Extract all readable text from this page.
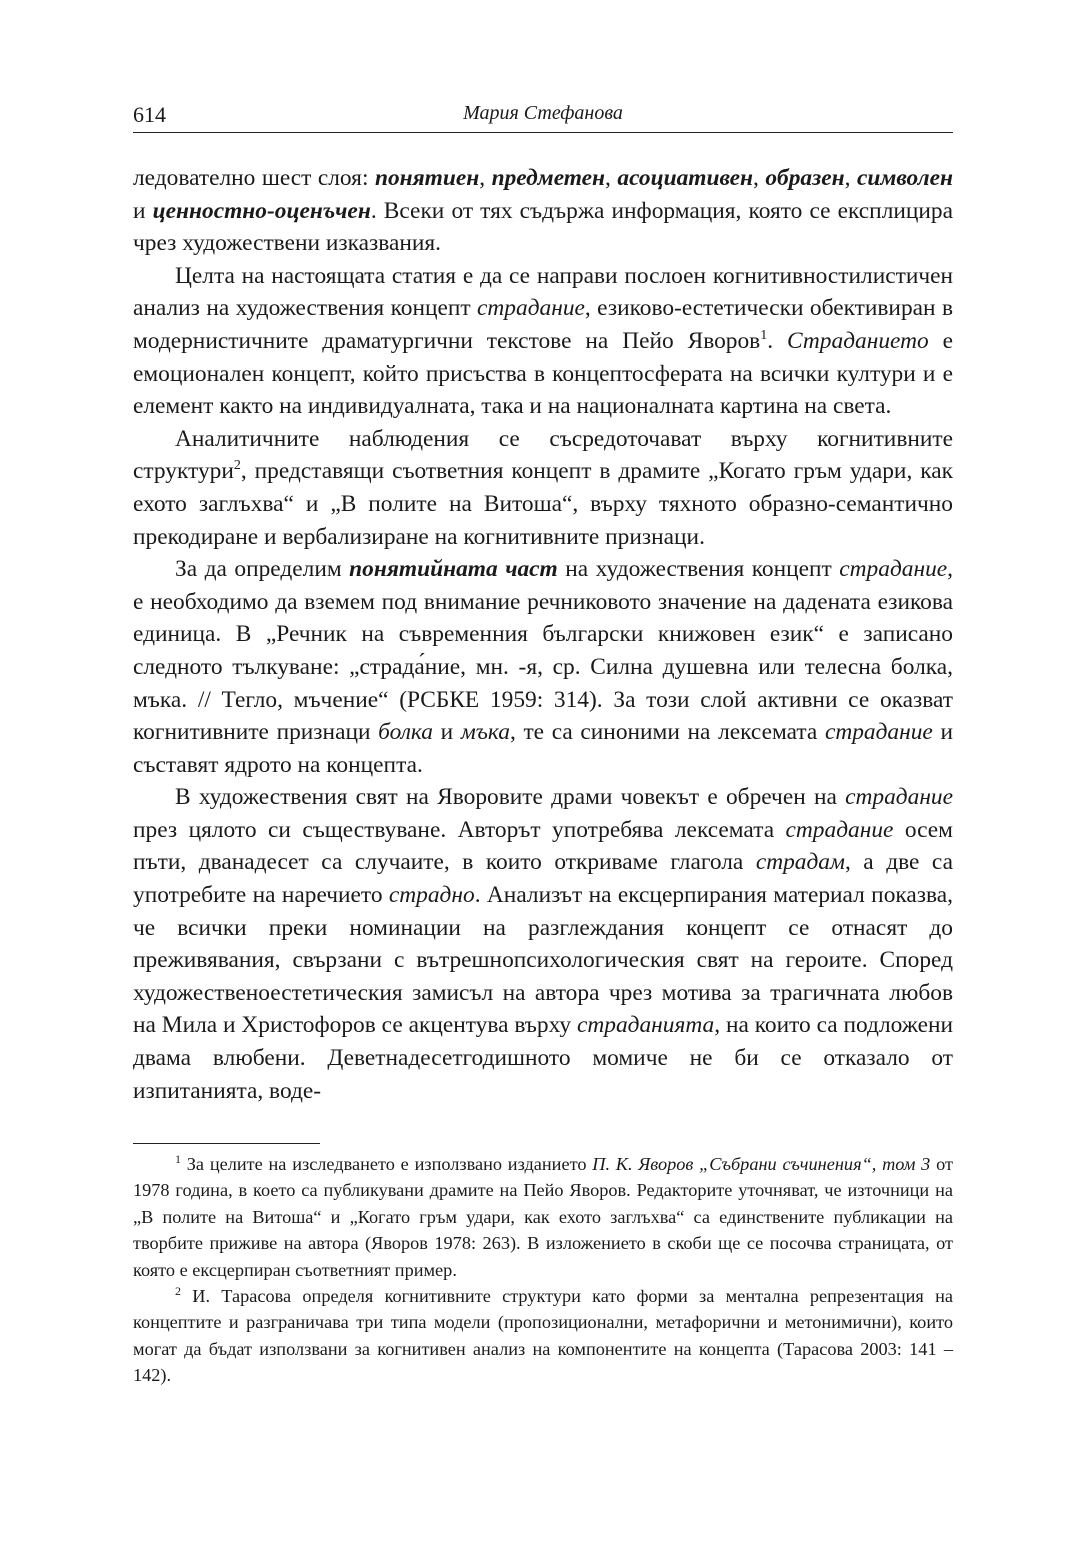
614	Мария Стефанова

ледователно шест слоя: понятиен, предметен, асоциативен, образен, символен и ценностно-оценъчен. Всеки от тях съдържа информация, която се експлицира чрез художествени изказвания.

Целта на настоящата статия е да се направи послоен когнитивностилистичен анализ на художествения концепт страдание, езиково-естетически обективиран в модернистичните драматургични текстове на Пейо Яворов$^1$. Страданието е емоционален концепт, който присъства в концептосферата на всички култури и е елемент както на индивидуалната, така и на националната картина на света.

Аналитичните наблюдения се съсредоточават върху когнитивните структури$^2$, представящи съответния концепт в драмите „Когато гръм удари, как ехото заглъхва“ и „В полите на Витоша“, върху тяхното образно-семантично прекодиране и вербализиране на когнитивните признаци.

За да определим понятийната част на художествения концепт страдание, е необходимо да вземем под внимание речниковото значение на дадената езикова единица. В „Речник на съвременния български книжовен език“ е записано следното тълкуване: „страда́ние, мн. -я, ср. Силна душевна или телесна болка, мъка. // Тегло, мъчение“ (РСБКЕ 1959: 314). За този слой активни се оказват когнитивните признаци болка и мъка, те са синоними на лексемата страдание и съставят ядрото на концепта.

В художествения свят на Яворовите драми човекът е обречен на страдание през цялото си съществуване. Авторът употребява лексемата страдание осем пъти, дванадесет са случаите, в които откриваме глагола страдам, а две са употребите на наречието страдно. Анализът на ексцерпирания материал показва, че всички преки номинации на разглеждания концепт се отнасят до преживявания, свързани с вътрешнопсихологическия свят на героите. Според художественоестетическия замисъл на автора чрез мотива за трагичната любов на Мила и Христофоров се акцентува върху страданията, на които са подложени двама влюбени. Деветнадесетгодишното момиче не би се отказало от изпитанията, воде-

$^1$ За целите на изследването е използвано изданието П. К. Яворов „Събрани съчинения“, том 3 от 1978 година, в което са публикувани драмите на Пейо Яворов. Редакторите уточняват, че източници на „В полите на Витоша“ и „Когато гръм удари, как ехото заглъхва“ са единствените публикации на творбите приживе на автора (Яворов 1978: 263). В изложението в скоби ще се посочва страницата, от която е ексцерпиран съответният пример.

$^2$ И. Тарасова определя когнитивните структури като форми за ментална репрезентация на концептите и разграничава три типа модели (пропозиционални, метафорични и метонимични), които могат да бъдат използвани за когнитивен анализ на компонентите на концепта (Тарасова 2003: 141 – 142).
